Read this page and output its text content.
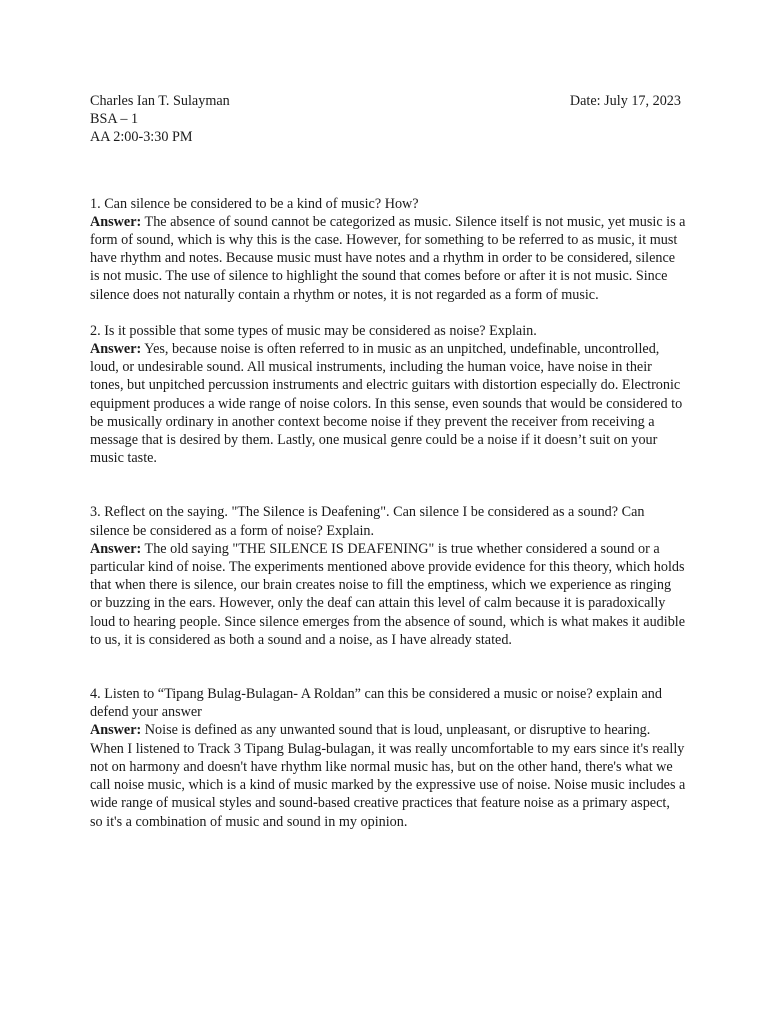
Charles Ian T. Sulayman
BSA – 1
AA 2:00-3:30 PM
Date: July 17, 2023

1. Can silence be considered to be a kind of music? How?

Answer: The absence of sound cannot be categorized as music. Silence itself is not music, yet music is a form of sound, which is why this is the case. However, for something to be referred to as music, it must have rhythm and notes. Because music must have notes and a rhythm in order to be considered, silence is not music. The use of silence to highlight the sound that comes before or after it is not music. Since silence does not naturally contain a rhythm or notes, it is not regarded as a form of music.

2. Is it possible that some types of music may be considered as noise? Explain.

Answer: Yes, because noise is often referred to in music as an unpitched, undefinable, uncontrolled, loud, or undesirable sound. All musical instruments, including the human voice, have noise in their tones, but unpitched percussion instruments and electric guitars with distortion especially do. Electronic equipment produces a wide range of noise colors. In this sense, even sounds that would be considered to be musically ordinary in another context become noise if they prevent the receiver from receiving a message that is desired by them. Lastly, one musical genre could be a noise if it doesn’t suit on your music taste.

3. Reflect on the saying. "The Silence is Deafening". Can silence I be considered as a sound? Can silence be considered as a form of noise? Explain.

Answer: The old saying "THE SILENCE IS DEAFENING" is true whether considered a sound or a particular kind of noise. The experiments mentioned above provide evidence for this theory, which holds that when there is silence, our brain creates noise to fill the emptiness, which we experience as ringing or buzzing in the ears. However, only the deaf can attain this level of calm because it is paradoxically loud to hearing people. Since silence emerges from the absence of sound, which is what makes it audible to us, it is considered as both a sound and a noise, as I have already stated.

4. Listen to “Tipang Bulag-Bulagan- A Roldan” can this be considered a music or noise? explain and defend your answer

Answer: Noise is defined as any unwanted sound that is loud, unpleasant, or disruptive to hearing. When I listened to Track 3 Tipang Bulag-bulagan, it was really uncomfortable to my ears since it's really not on harmony and doesn't have rhythm like normal music has, but on the other hand, there's what we call noise music, which is a kind of music marked by the expressive use of noise. Noise music includes a wide range of musical styles and sound-based creative practices that feature noise as a primary aspect, so it's a combination of music and sound in my opinion.
